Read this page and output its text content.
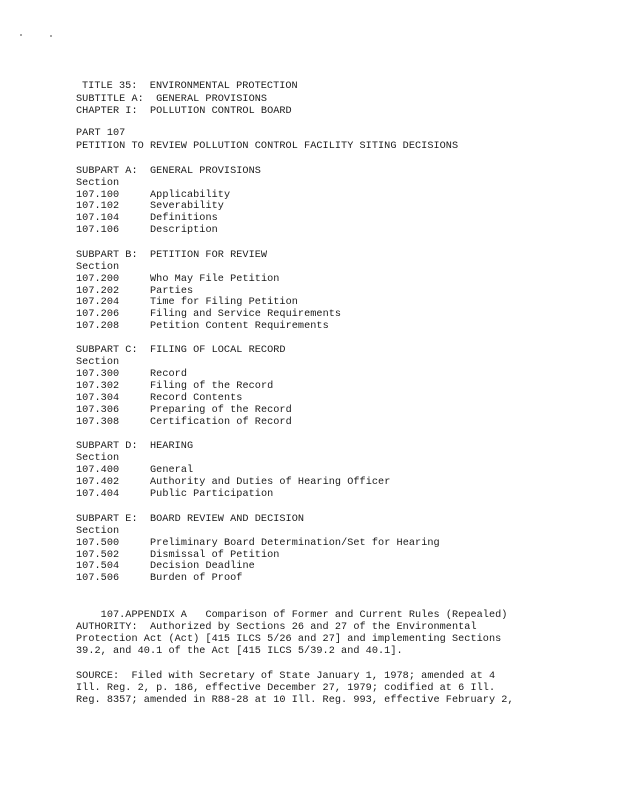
TITLE 35:  ENVIRONMENTAL PROTECTION
SUBTITLE A:  GENERAL PROVISIONS
CHAPTER I:  POLLUTION CONTROL BOARD
PART 107
PETITION TO REVIEW POLLUTION CONTROL FACILITY SITING DECISIONS
SUBPART A:  GENERAL PROVISIONS
Section

107.100

	Applicability

107.102

	Severability

107.104

	Definitions

107.106

	Description

SUBPART B:  PETITION FOR REVIEW
Section

107.200

	Who May File Petition

107.202

	Parties

107.204

	Time for Filing Petition

107.206

	Filing and Service Requirements

107.208

	Petition Content Requirements

SUBPART C:  FILING OF LOCAL RECORD
Section

107.300

	Record

107.302

	Filing of the Record

107.304

	Record Contents

107.306

	Preparing of the Record

107.308

	Certification of Record

SUBPART D:  HEARING
Section

107.400

	General

107.402

	Authority and Duties of Hearing Officer

107.404

	Public Participation

SUBPART E:  BOARD REVIEW AND DECISION
Section

107.500

	Preliminary Board Determination/Set for Hearing

107.502

	Dismissal of Petition

107.504

	Decision Deadline

107.506

	Burden of Proof

107.APPENDIX A Comparison of Former and Current Rules (Repealed)

AUTHORITY:  Authorized by Sections 26 and 27 of the Environmental
Protection Act (Act) [415 ILCS 5/26 and 27] and implementing Sections
39.2, and 40.1 of the Act [415 ILCS 5/39.2 and 40.1].
SOURCE:  Filed with Secretary of State January 1, 1978; amended at 4
Ill. Reg. 2, p. 186, effective December 27, 1979; codified at 6 Ill.
Reg. 8357; amended in R88-28 at 10 Ill. Reg. 993, effective February 2,
